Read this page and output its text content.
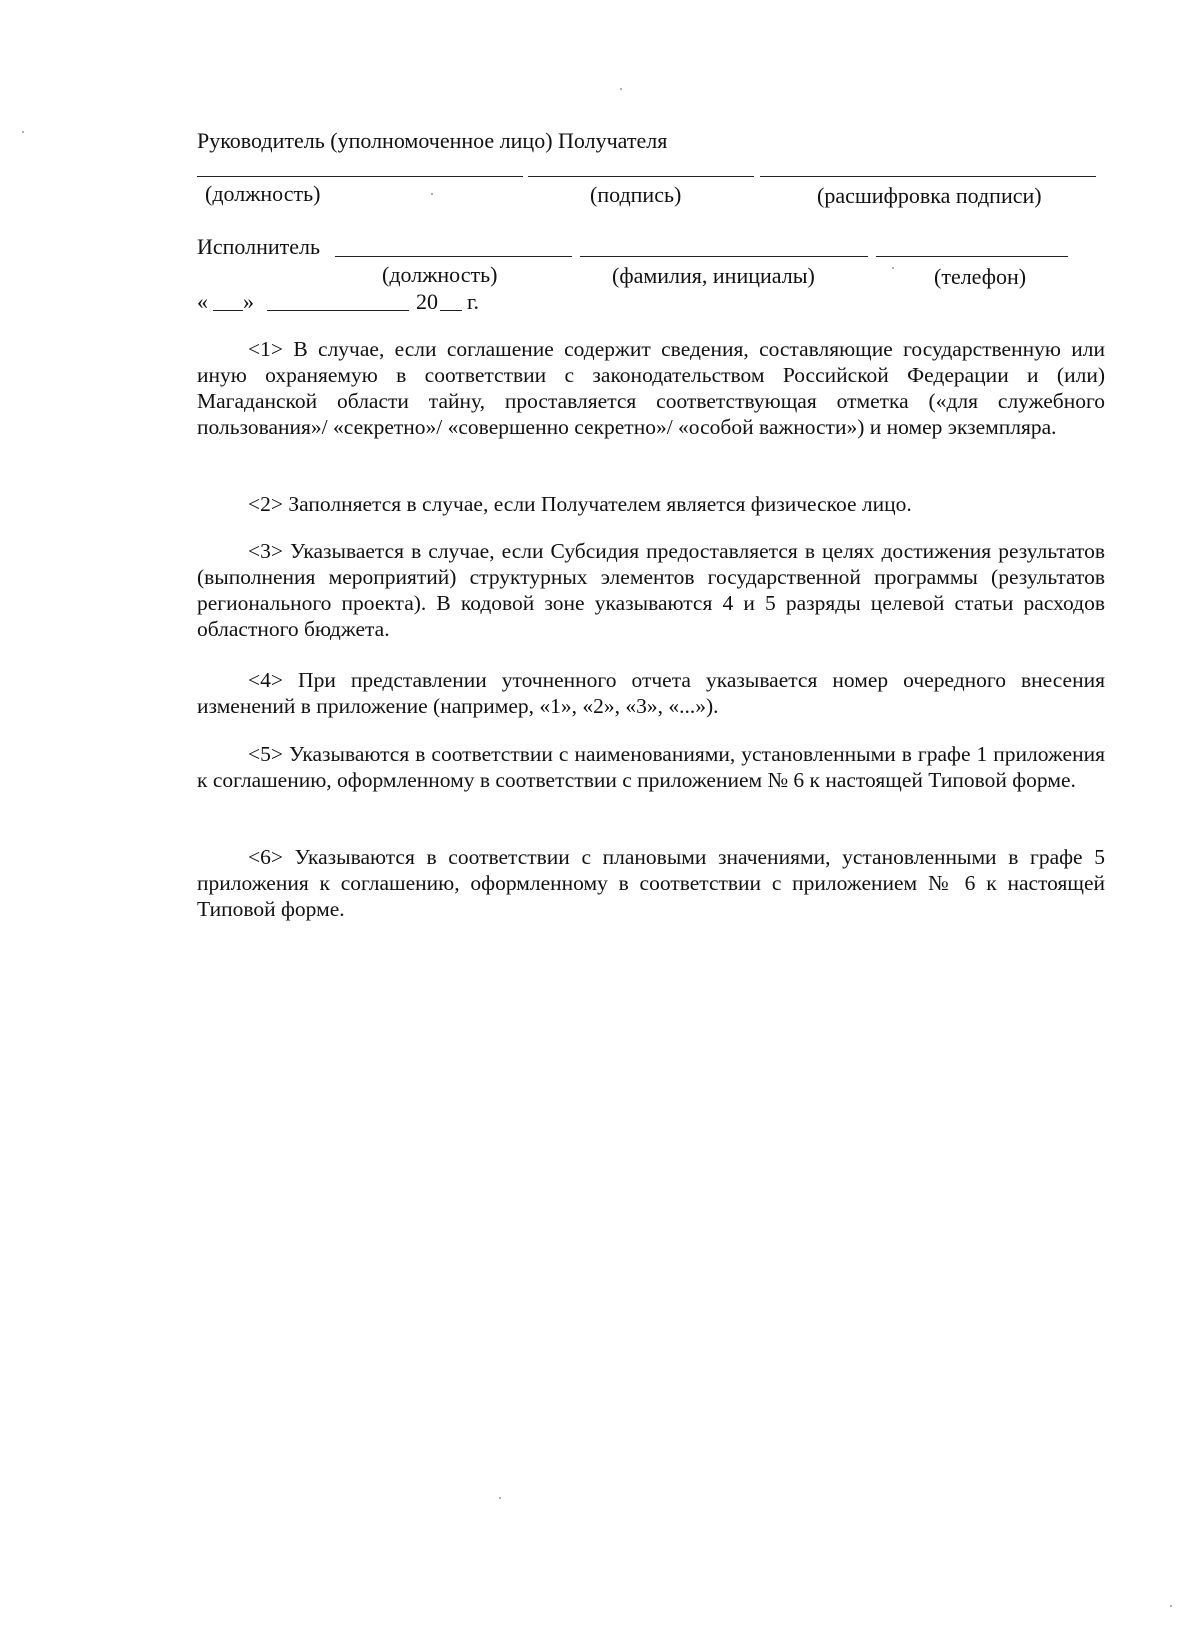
Руководитель (уполномоченное лицо) Получателя
(должность)	(подпись)	(расшифровка подписи)
Исполнитель
(должность)	(фамилия, инициалы)	(телефон)
« »	20 г.
<1> В случае, если соглашение содержит сведения, составляющие государственную или иную охраняемую в соответствии с законодательством Российской Федерации и (или) Магаданской области тайну, проставляется соответствующая отметка («для служебного пользования»/ «секретно»/ «совершенно секретно»/ «особой важности») и номер экземпляра.
<2> Заполняется в случае, если Получателем является физическое лицо.
<3> Указывается в случае, если Субсидия предоставляется в целях достижения результатов (выполнения мероприятий) структурных элементов государственной программы (результатов регионального проекта). В кодовой зоне указываются 4 и 5 разряды целевой статьи расходов областного бюджета.
<4> При представлении уточненного отчета указывается номер очередного внесения изменений в приложение (например, «1», «2», «3», «...»).
<5> Указываются в соответствии с наименованиями, установленными в графе 1 приложения к соглашению, оформленному в соответствии с приложением № 6 к настоящей Типовой форме.
<6> Указываются в соответствии с плановыми значениями, установленными в графе 5 приложения к соглашению, оформленному в соответствии с приложением № 6 к настоящей Типовой форме.
